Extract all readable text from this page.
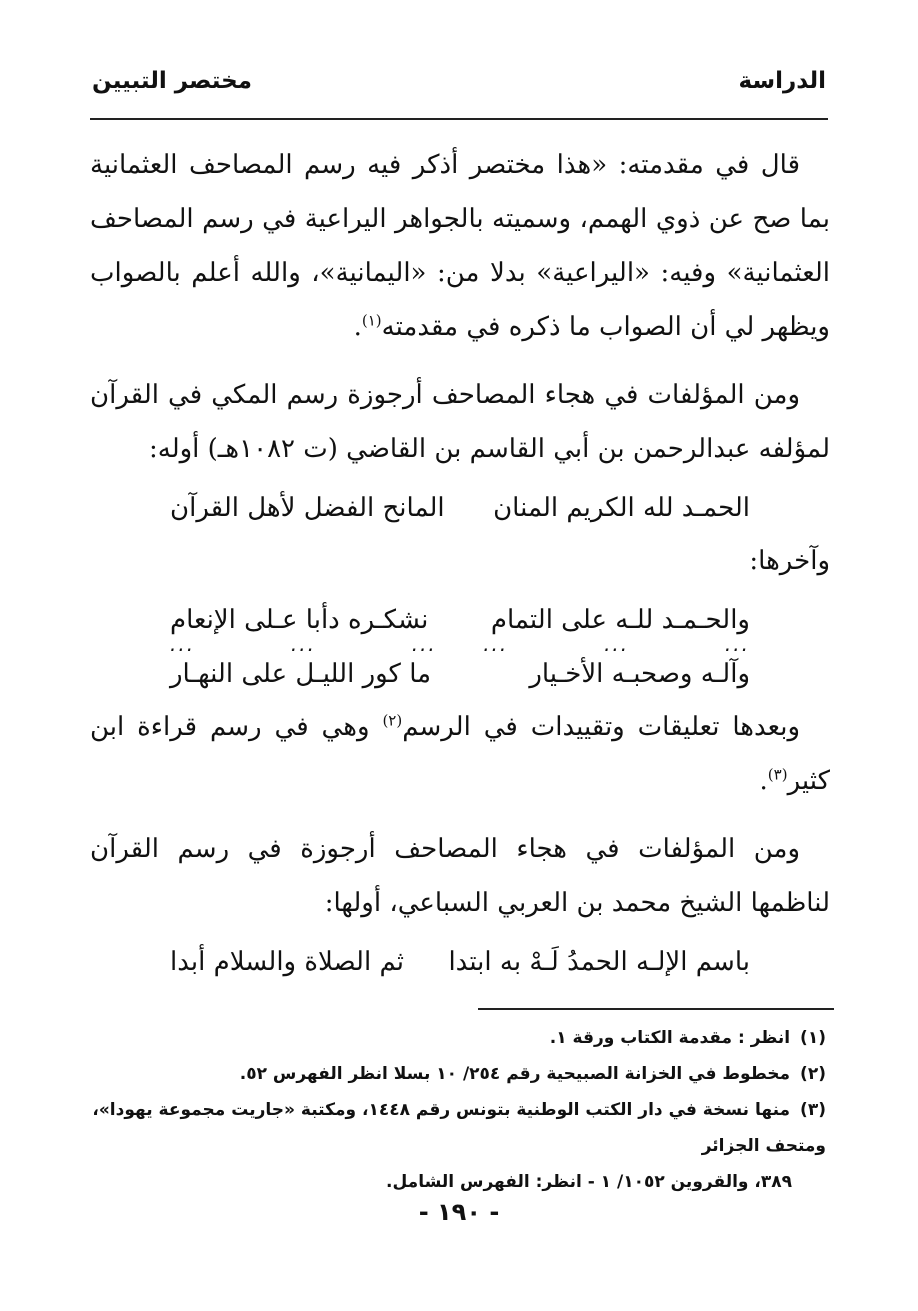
الدراسة
مختصر التبيين

قال في مقدمته: «هذا مختصر أذكر فيه رسم المصاحف العثمانية بما صح عن ذوي الهمم، وسميته بالجواهر اليراعية في رسم المصاحف العثمانية» وفيه: «اليراعية» بدلا من: «اليمانية»، والله أعلم بالصواب ويظهر لي أن الصواب ما ذكره في مقدمته$^{(١)}$.

ومن المؤلفات في هجاء المصاحف أرجوزة رسم المكي في القرآن لمؤلفه عبدالرحمن بن أبي القاسم بن القاضي (ت ١٠٨٢هـ) أوله:

الحمـد لله الكريم المنان
المانح الفضل لأهل القرآن

وآخرها:

والحـمـد للـه على التمام
نشكـره دأبا عـلى الإنعام
...
...
...
...
...
...
وآلـه وصحبـه الأخـيار
ما كور الليـل على النهـار

وبعدها تعليقات وتقييدات في الرسم$^{(٢)}$ وهي في رسم قراءة ابن كثير$^{(٣)}$.

ومن المؤلفات في هجاء المصاحف أرجوزة في رسم القرآن لناظمها الشيخ محمد بن العربي السباعي، أولها:

باسم الإلـه الحمدُ لَـهْ به ابتدا
ثم الصلاة والسلام أبدا

(١)انظر : مقدمة الكتاب ورقة ١.

(٢)مخطوط في الخزانة الصبيحية رقم ٢٥٤/ ١٠ بسلا انظر الفهرس ٥٢.

(٣)منها نسخة في دار الكتب الوطنية بتونس رقم ١٤٤٨، ومكتبة «جاريت مجموعة يهودا»، ومتحف الجزائر

٣٨٩، والقروين ١٠٥٢/ ١ - انظر: الفهرس الشامل.

- ١٩٠ -
